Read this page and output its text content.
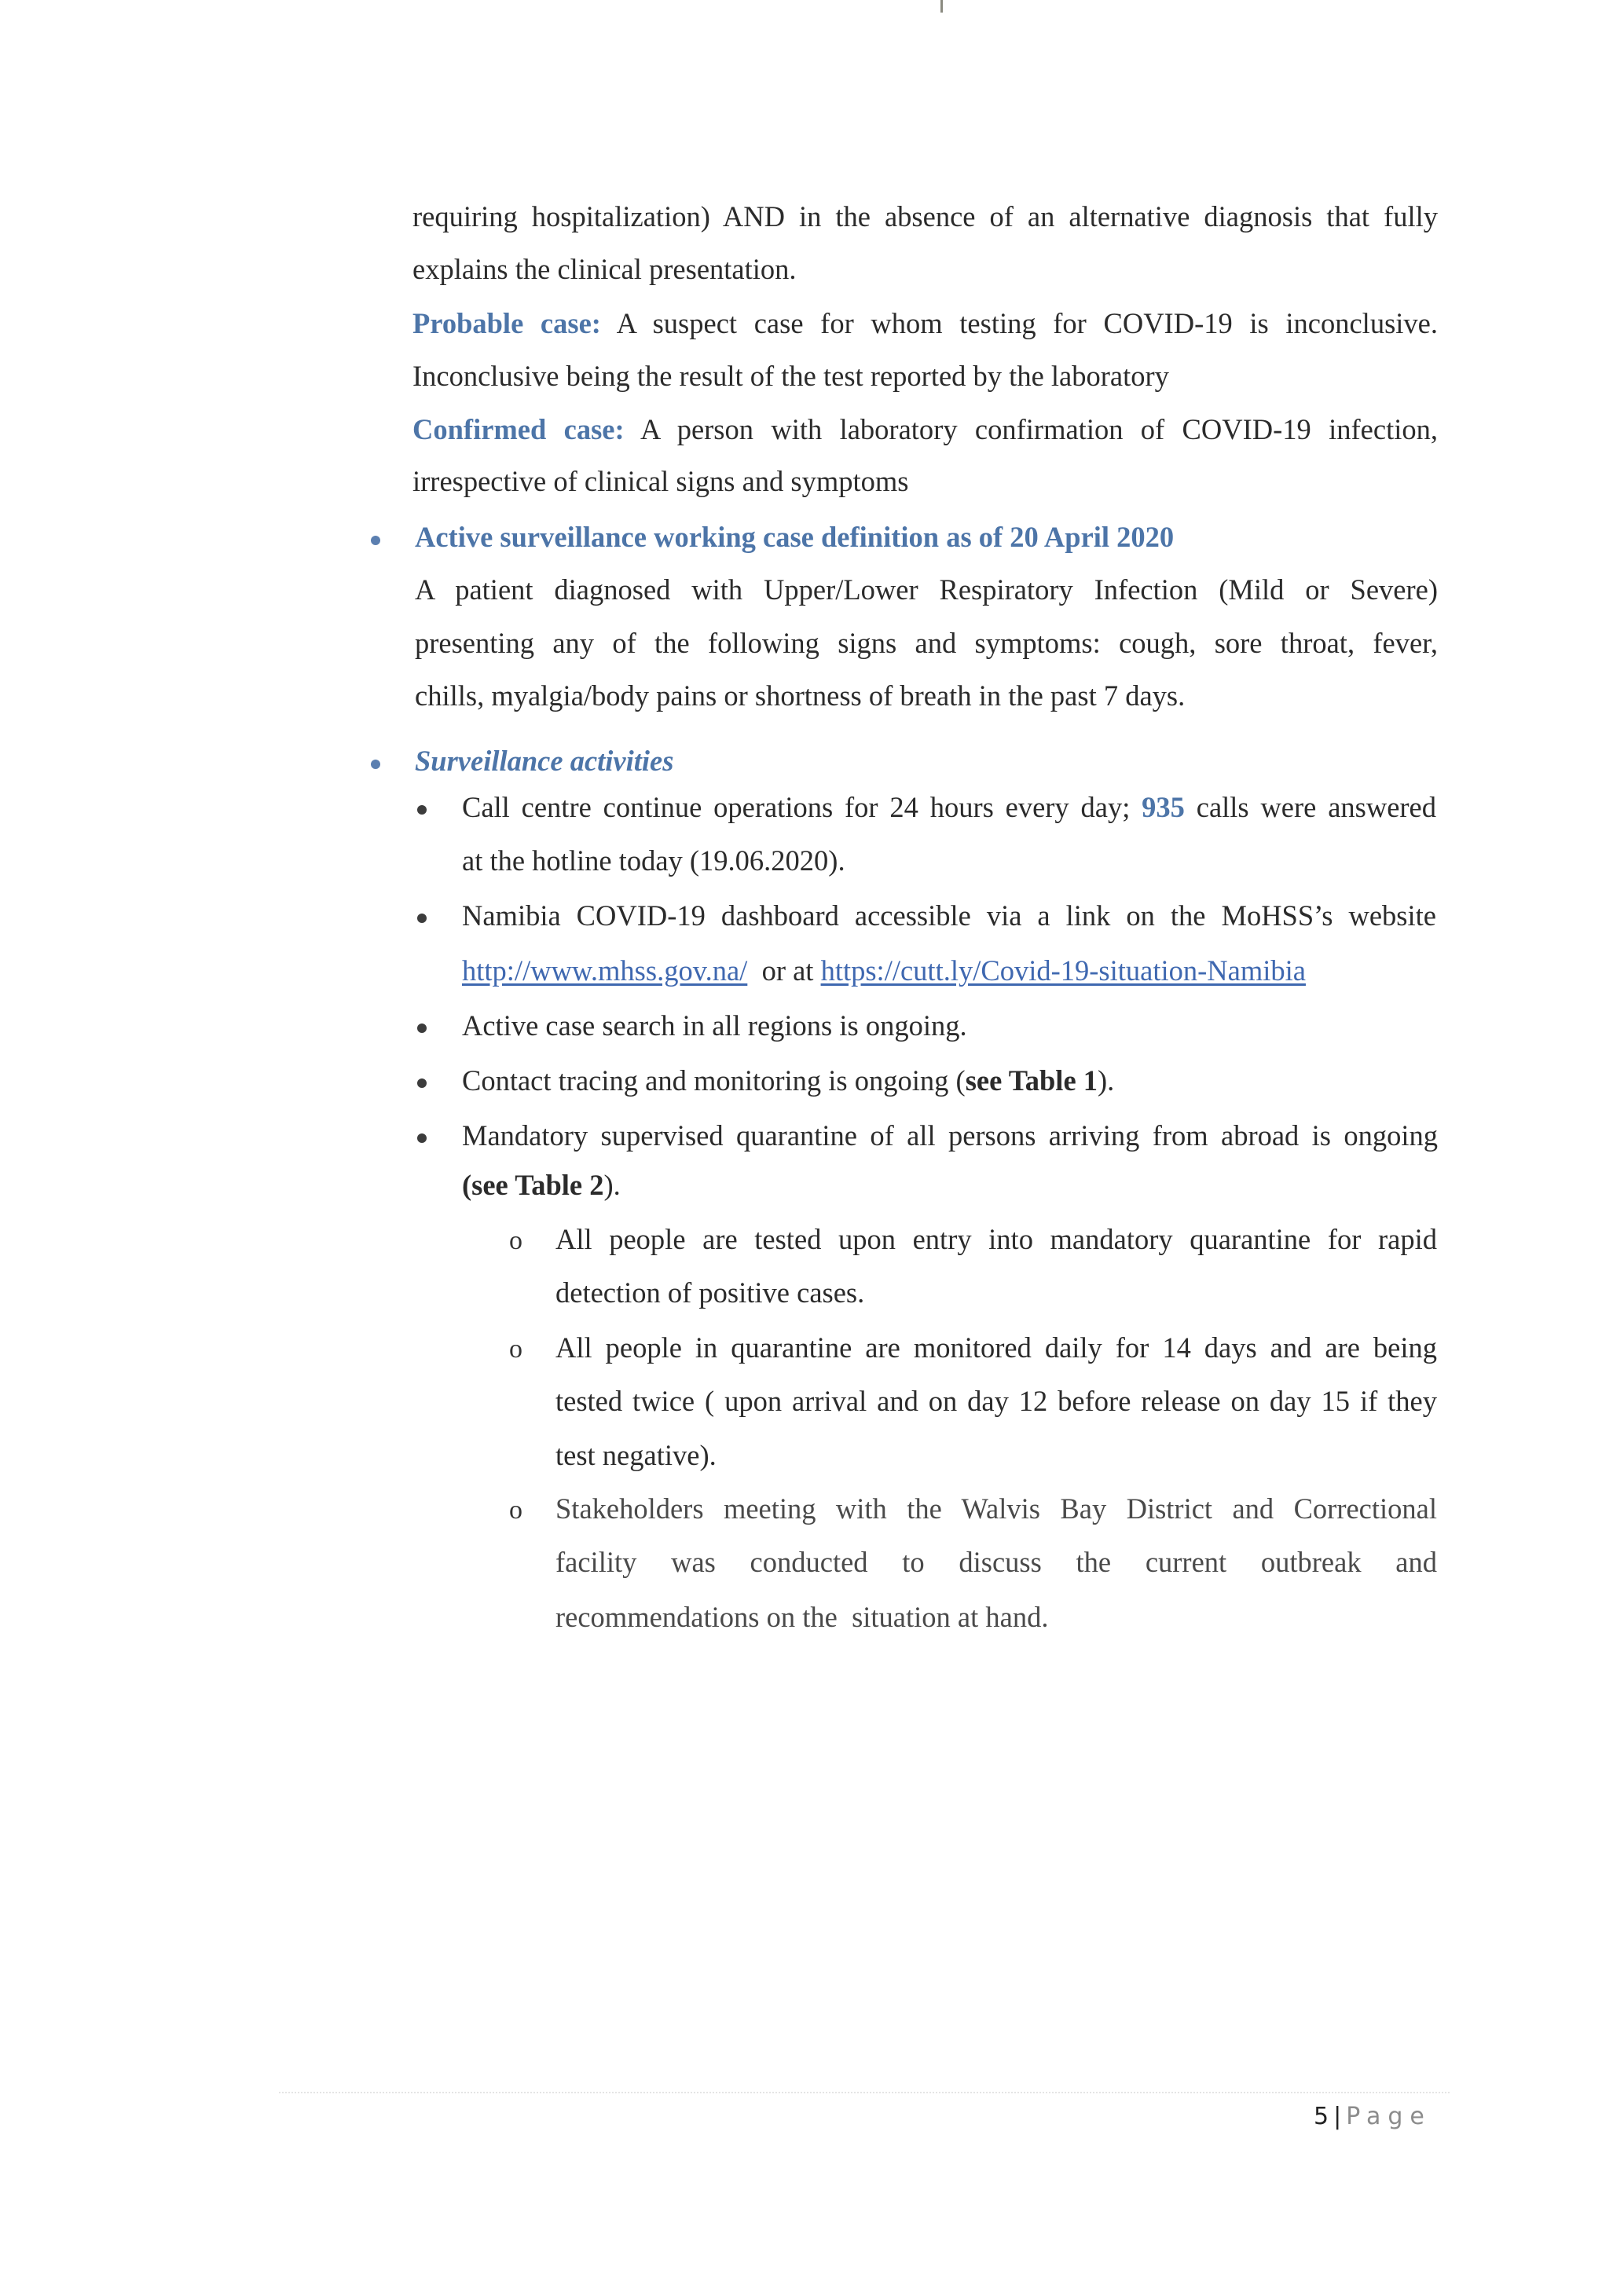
requiring hospitalization) AND in the absence of an alternative diagnosis that fully
explains the clinical presentation.
Probable case: A suspect case for whom testing for COVID-19 is inconclusive.
Inconclusive being the result of the test reported by the laboratory
Confirmed case: A person with laboratory confirmation of COVID-19 infection,
irrespective of clinical signs and symptoms
Active surveillance working case definition as of 20 April 2020
A patient diagnosed with Upper/Lower Respiratory Infection (Mild or Severe)
presenting any of the following signs and symptoms: cough, sore throat, fever,
chills, myalgia/body pains or shortness of breath in the past 7 days.
Surveillance activities
Call centre continue operations for 24 hours every day; 935 calls were answered
at the hotline today (19.06.2020).
Namibia COVID-19 dashboard accessible via a link on the MoHSS’s website
http://www.mhss.gov.na/  or at https://cutt.ly/Covid-19-situation-Namibia
Active case search in all regions is ongoing.
Contact tracing and monitoring is ongoing (see Table 1).
Mandatory supervised quarantine of all persons arriving from abroad is ongoing
(see Table 2).
o All people are tested upon entry into mandatory quarantine for rapid
detection of positive cases.
o All people in quarantine are monitored daily for 14 days and are being
tested twice ( upon arrival and on day 12 before release on day 15 if they
test negative).
o Stakeholders meeting with the Walvis Bay District and Correctional
facility was conducted to discuss the current outbreak and
recommendations on the  situation at hand.
5 | Page
